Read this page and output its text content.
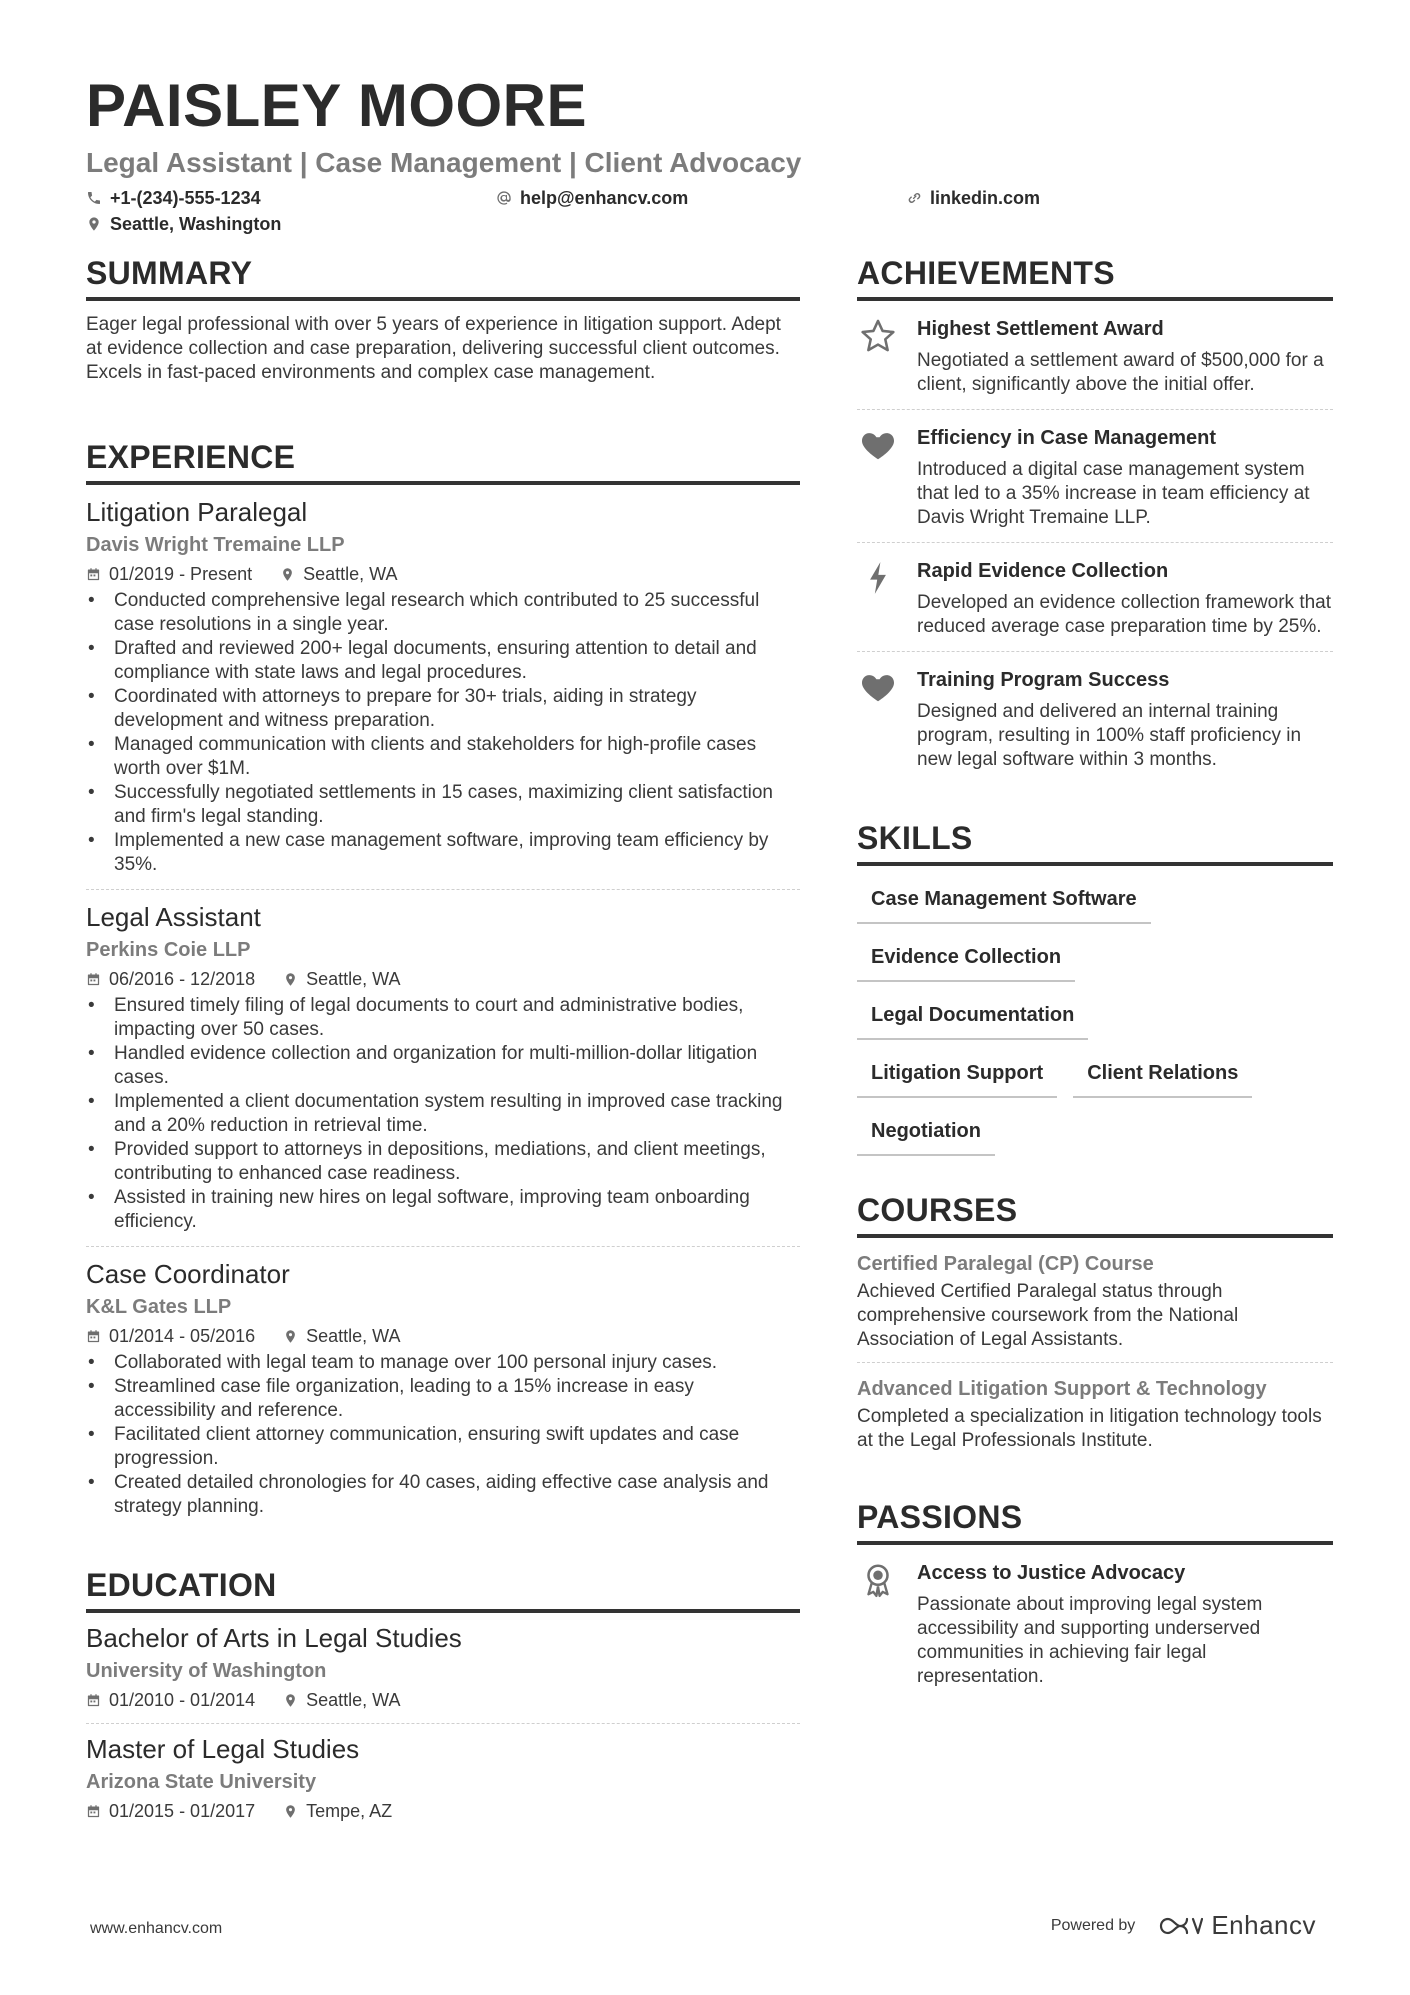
PAISLEY MOORE
Legal Assistant | Case Management | Client Advocacy
+1-(234)-555-1234	help@enhancv.com	linkedin.com
Seattle, Washington
SUMMARY
Eager legal professional with over 5 years of experience in litigation support. Adept at evidence collection and case preparation, delivering successful client outcomes. Excels in fast-paced environments and complex case management.
EXPERIENCE
Litigation Paralegal
Davis Wright Tremaine LLP
01/2019 - Present	Seattle, WA
• Conducted comprehensive legal research which contributed to 25 successful case resolutions in a single year.
• Drafted and reviewed 200+ legal documents, ensuring attention to detail and compliance with state laws and legal procedures.
• Coordinated with attorneys to prepare for 30+ trials, aiding in strategy development and witness preparation.
• Managed communication with clients and stakeholders for high-profile cases worth over $1M.
• Successfully negotiated settlements in 15 cases, maximizing client satisfaction and firm's legal standing.
• Implemented a new case management software, improving team efficiency by 35%.
Legal Assistant
Perkins Coie LLP
06/2016 - 12/2018	Seattle, WA
• Ensured timely filing of legal documents to court and administrative bodies, impacting over 50 cases.
• Handled evidence collection and organization for multi-million-dollar litigation cases.
• Implemented a client documentation system resulting in improved case tracking and a 20% reduction in retrieval time.
• Provided support to attorneys in depositions, mediations, and client meetings, contributing to enhanced case readiness.
• Assisted in training new hires on legal software, improving team onboarding efficiency.
Case Coordinator
K&L Gates LLP
01/2014 - 05/2016	Seattle, WA
• Collaborated with legal team to manage over 100 personal injury cases.
• Streamlined case file organization, leading to a 15% increase in easy accessibility and reference.
• Facilitated client attorney communication, ensuring swift updates and case progression.
• Created detailed chronologies for 40 cases, aiding effective case analysis and strategy planning.
EDUCATION
Bachelor of Arts in Legal Studies
University of Washington
01/2010 - 01/2014	Seattle, WA
Master of Legal Studies
Arizona State University
01/2015 - 01/2017	Tempe, AZ
ACHIEVEMENTS
Highest Settlement Award
Negotiated a settlement award of $500,000 for a client, significantly above the initial offer.
Efficiency in Case Management
Introduced a digital case management system that led to a 35% increase in team efficiency at Davis Wright Tremaine LLP.
Rapid Evidence Collection
Developed an evidence collection framework that reduced average case preparation time by 25%.
Training Program Success
Designed and delivered an internal training program, resulting in 100% staff proficiency in new legal software within 3 months.
SKILLS
Case Management Software
Evidence Collection
Legal Documentation
Litigation Support	Client Relations
Negotiation
COURSES
Certified Paralegal (CP) Course
Achieved Certified Paralegal status through comprehensive coursework from the National Association of Legal Assistants.
Advanced Litigation Support & Technology
Completed a specialization in litigation technology tools at the Legal Professionals Institute.
PASSIONS
Access to Justice Advocacy
Passionate about improving legal system accessibility and supporting underserved communities in achieving fair legal representation.
www.enhancv.com	Powered by	Enhancv
